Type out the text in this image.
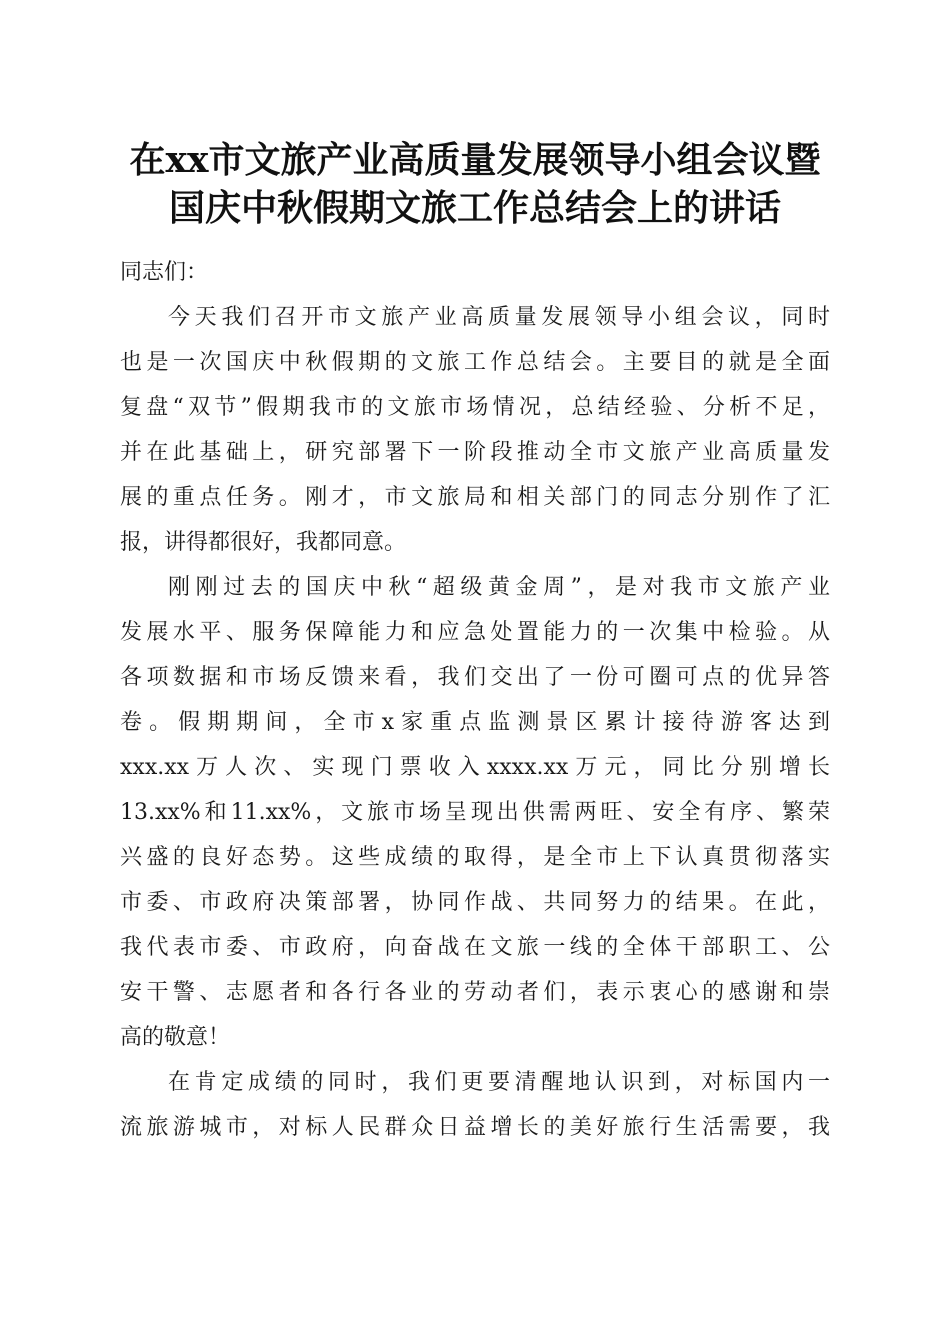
在xx市文旅产业高质量发展领导小组会议暨
国庆中秋假期文旅工作总结会上的讲话

同志们：

今天我们召开市文旅产业高质量发展领导小组会议，同时
也是一次国庆中秋假期的文旅工作总结会。主要目的就是全面
复盘“双节”假期我市的文旅市场情况，总结经验、分析不足，
并在此基础上，研究部署下一阶段推动全市文旅产业高质量发
展的重点任务。刚才，市文旅局和相关部门的同志分别作了汇
报，讲得都很好，我都同意。

刚刚过去的国庆中秋“超级黄金周”，是对我市文旅产业
发展水平、服务保障能力和应急处置能力的一次集中检验。从
各项数据和市场反馈来看，我们交出了一份可圈可点的优异答
卷。假期期间，全市x家重点监测景区累计接待游客达到
xxx.xx万人次、实现门票收入xxxx.xx万元，同比分别增长
13.xx%和11.xx%，文旅市场呈现出供需两旺、安全有序、繁荣
兴盛的良好态势。这些成绩的取得，是全市上下认真贯彻落实
市委、市政府决策部署，协同作战、共同努力的结果。在此，
我代表市委、市政府，向奋战在文旅一线的全体干部职工、公
安干警、志愿者和各行各业的劳动者们，表示衷心的感谢和崇
高的敬意！

在肯定成绩的同时，我们更要清醒地认识到，对标国内一
流旅游城市，对标人民群众日益增长的美好旅行生活需要，我
